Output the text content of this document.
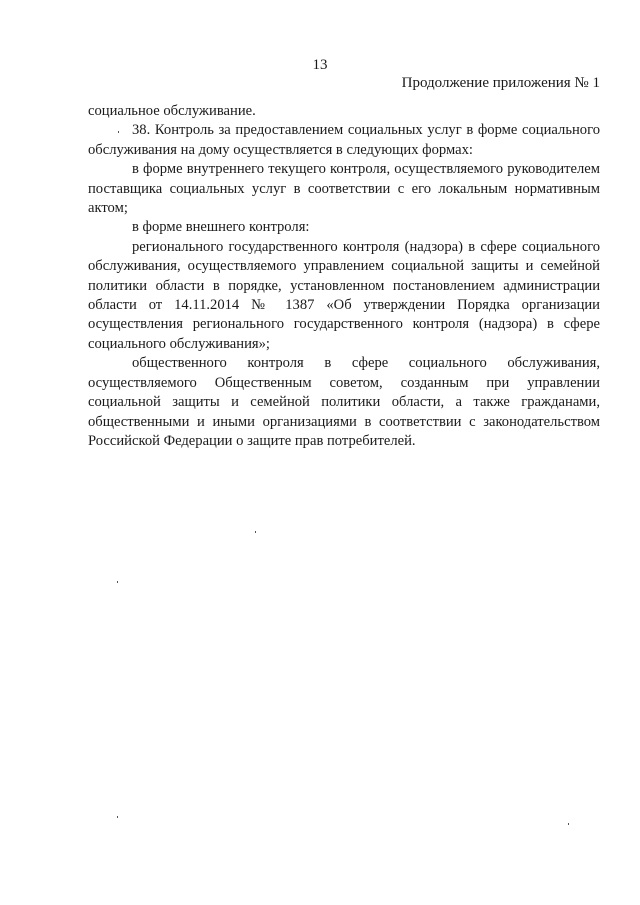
13
Продолжение приложения № 1

социальное обслуживание.

38. Контроль за предоставлением социальных услуг в форме социального обслуживания на дому осуществляется в следующих формах:

в форме внутреннего текущего контроля, осуществляемого руководителем поставщика социальных услуг в соответствии с его локальным нормативным актом;

в форме внешнего контроля:

регионального государственного контроля (надзора) в сфере социального обслуживания, осуществляемого управлением социальной защиты и семейной политики области в порядке, установленном постановлением администрации области от 14.11.2014 № 1387 «Об утверждении Порядка организации осуществления регионального государственного контроля (надзора) в сфере социального обслуживания»;

общественного контроля в сфере социального обслуживания, осуществляемого Общественным советом, созданным при управлении социальной защиты и семейной политики области, а также гражданами, общественными и иными организациями в соответствии с законодательством Российской Федерации о защите прав потребителей.
